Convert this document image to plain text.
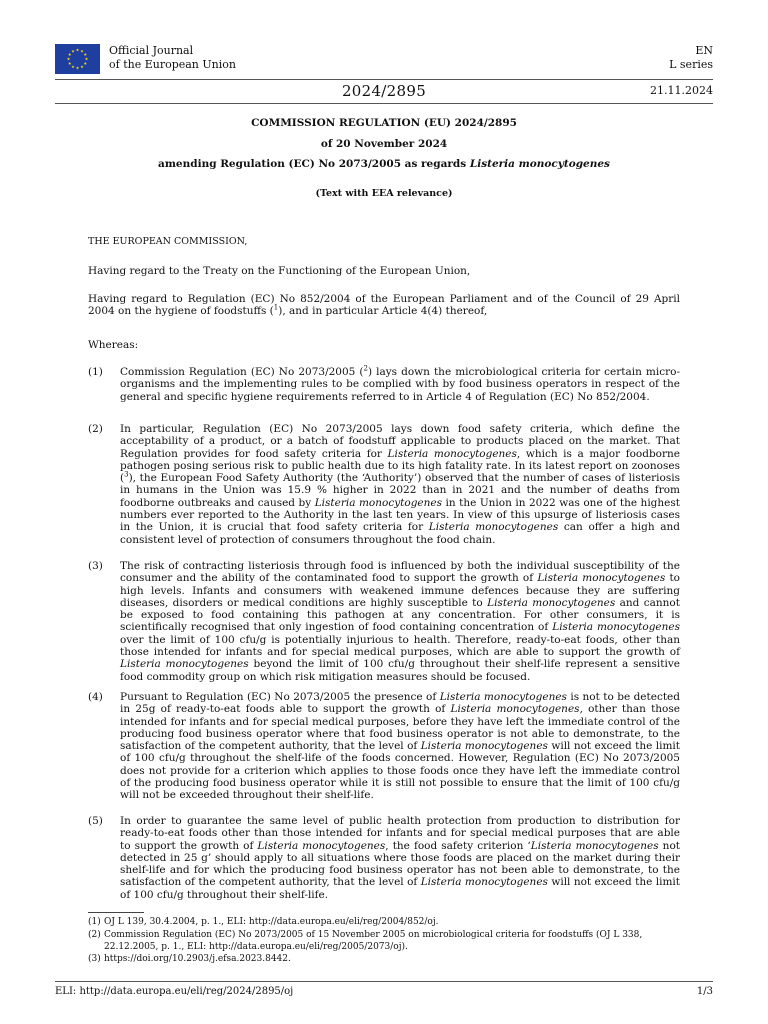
Official Journal
of the European Union
EN
L series
2024/2895	21.11.2024
COMMISSION REGULATION (EU) 2024/2895
of 20 November 2024
amending Regulation (EC) No 2073/2005 as regards Listeria monocytogenes
(Text with EEA relevance)
THE EUROPEAN COMMISSION,
Having regard to the Treaty on the Functioning of the European Union,
Having regard to Regulation (EC) No 852/2004 of the European Parliament and of the Council of 29 April 2004 on the hygiene of foodstuffs ($^1$), and in particular Article 4(4) thereof,
Whereas:
(1) Commission Regulation (EC) No 2073/2005 ($^2$) lays down the microbiological criteria for certain micro-organisms and the implementing rules to be complied with by food business operators in respect of the general and specific hygiene requirements referred to in Article 4 of Regulation (EC) No 852/2004.
(2) In particular, Regulation (EC) No 2073/2005 lays down food safety criteria, which define the acceptability of a product, or a batch of foodstuff applicable to products placed on the market. That Regulation provides for food safety criteria for Listeria monocytogenes, which is a major foodborne pathogen posing serious risk to public health due to its high fatality rate. In its latest report on zoonoses ($^3$), the European Food Safety Authority (the ‘Authority’) observed that the number of cases of listeriosis in humans in the Union was 15.9 % higher in 2022 than in 2021 and the number of deaths from foodborne outbreaks and caused by Listeria monocytogenes in the Union in 2022 was one of the highest numbers ever reported to the Authority in the last ten years. In view of this upsurge of listeriosis cases in the Union, it is crucial that food safety criteria for Listeria monocytogenes can offer a high and consistent level of protection of consumers throughout the food chain.
(3) The risk of contracting listeriosis through food is influenced by both the individual susceptibility of the consumer and the ability of the contaminated food to support the growth of Listeria monocytogenes to high levels. Infants and consumers with weakened immune defences because they are suffering diseases, disorders or medical conditions are highly susceptible to Listeria monocytogenes and cannot be exposed to food containing this pathogen at any concentration. For other consumers, it is scientifically recognised that only ingestion of food containing concentration of Listeria monocytogenes over the limit of 100 cfu/g is potentially injurious to health. Therefore, ready-to-eat foods, other than those intended for infants and for special medical purposes, which are able to support the growth of Listeria monocytogenes beyond the limit of 100 cfu/g throughout their shelf-life represent a sensitive food commodity group on which risk mitigation measures should be focused.
(4) Pursuant to Regulation (EC) No 2073/2005 the presence of Listeria monocytogenes is not to be detected in 25g of ready-to-eat foods able to support the growth of Listeria monocytogenes, other than those intended for infants and for special medical purposes, before they have left the immediate control of the producing food business operator where that food business operator is not able to demonstrate, to the satisfaction of the competent authority, that the level of Listeria monocytogenes will not exceed the limit of 100 cfu/g throughout the shelf-life of the foods concerned. However, Regulation (EC) No 2073/2005 does not provide for a criterion which applies to those foods once they have left the immediate control of the producing food business operator while it is still not possible to ensure that the limit of 100 cfu/g will not be exceeded throughout their shelf-life.
(5) In order to guarantee the same level of public health protection from production to distribution for ready-to-eat foods other than those intended for infants and for special medical purposes that are able to support the growth of Listeria monocytogenes, the food safety criterion ‘Listeria monocytogenes not detected in 25 g’ should apply to all situations where those foods are placed on the market during their shelf-life and for which the producing food business operator has not been able to demonstrate, to the satisfaction of the competent authority, that the level of Listeria monocytogenes will not exceed the limit of 100 cfu/g throughout their shelf-life.
(1) OJ L 139, 30.4.2004, p. 1., ELI: http://data.europa.eu/eli/reg/2004/852/oj.
(2) Commission Regulation (EC) No 2073/2005 of 15 November 2005 on microbiological criteria for foodstuffs (OJ L 338, 22.12.2005, p. 1., ELI: http://data.europa.eu/eli/reg/2005/2073/oj).
(3) https://doi.org/10.2903/j.efsa.2023.8442.
ELI: http://data.europa.eu/eli/reg/2024/2895/oj	1/3
